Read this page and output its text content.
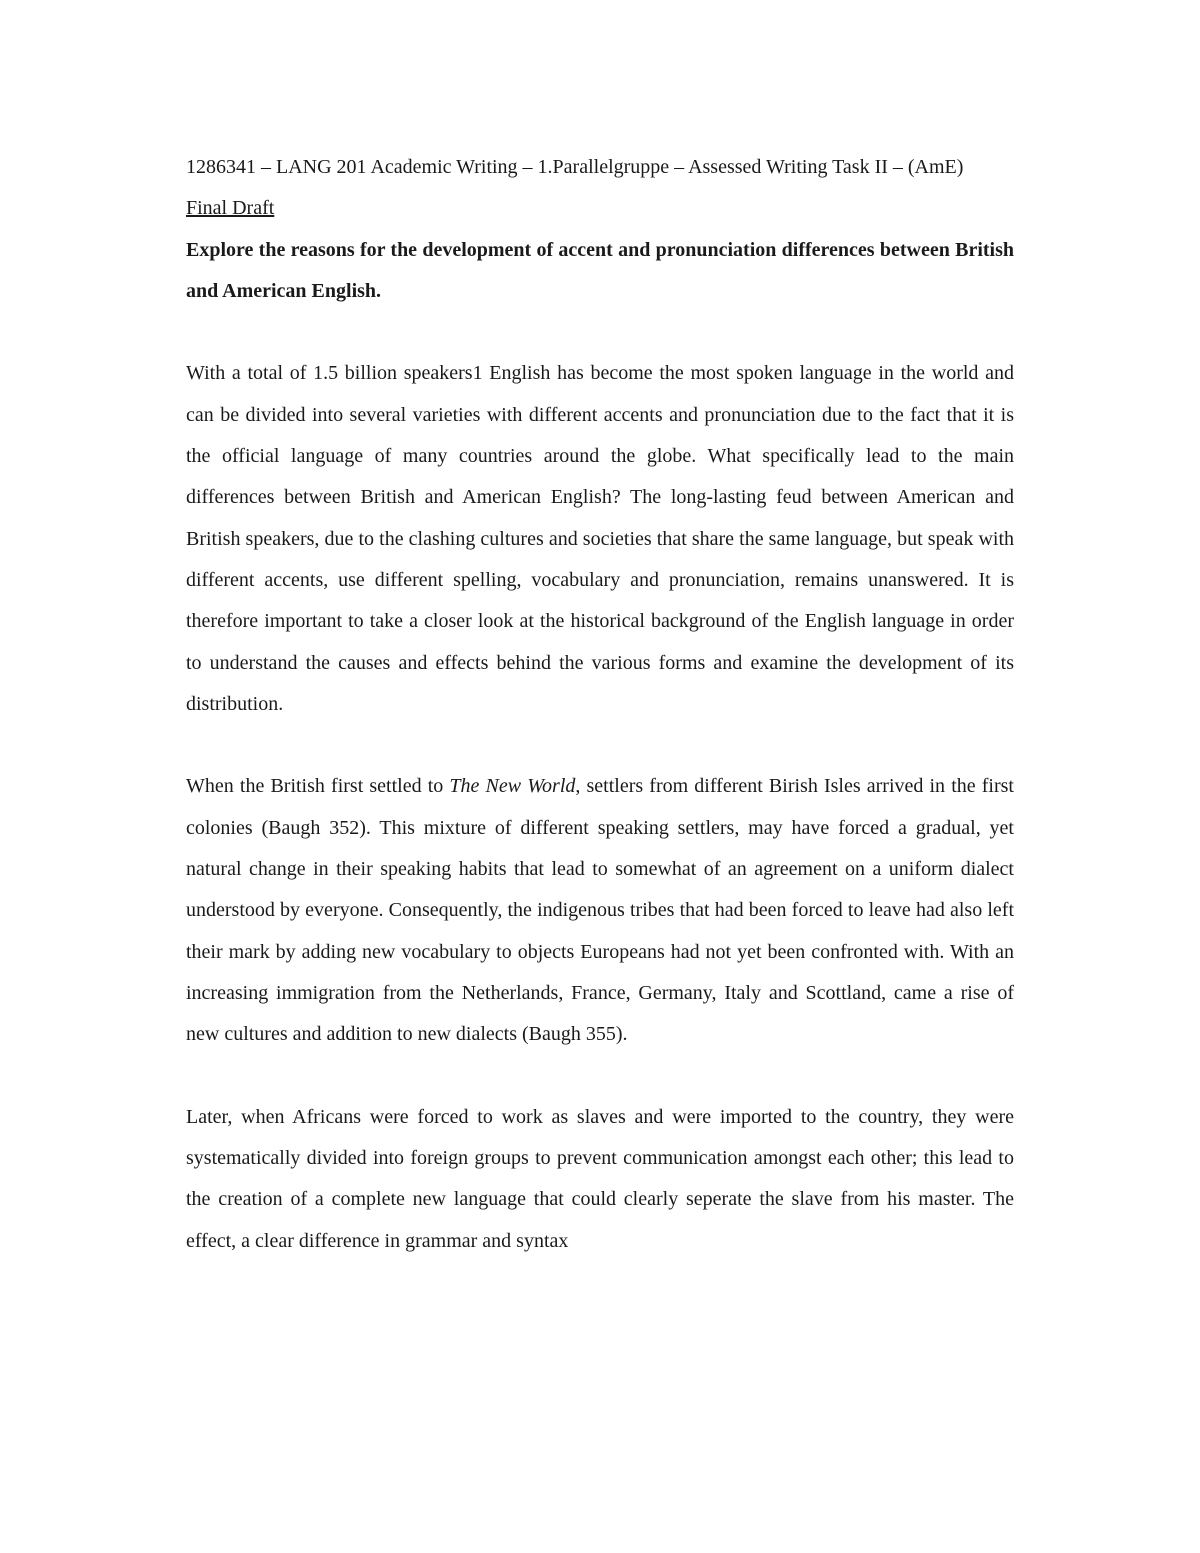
1286341 – LANG 201 Academic Writing – 1.Parallelgruppe – Assessed Writing Task II – (AmE)

Final Draft

Explore the reasons for the development of accent and pronunciation differences between British and American English.

With a total of 1.5 billion speakers1 English has become the most spoken language in the world and can be divided into several varieties with different accents and pronunciation due to the fact that it is the official language of many countries around the globe. What specifically lead to the main differences between British and American English? The long-lasting feud between American and British speakers, due to the clashing cultures and societies that share the same language, but speak with different accents, use different spelling, vocabulary and pronunciation, remains unanswered. It is therefore important to take a closer look at the historical background of the English language in order to understand the causes and effects behind the various forms and examine the development of its distribution.

When the British first settled to The New World, settlers from different Birish Isles arrived in the first colonies (Baugh 352). This mixture of different speaking settlers, may have forced a gradual, yet natural change in their speaking habits that lead to somewhat of an agreement on a uniform dialect understood by everyone. Consequently, the indigenous tribes that had been forced to leave had also left their mark by adding new vocabulary to objects Europeans had not yet been confronted with. With an increasing immigration from the Netherlands, France, Germany, Italy and Scottland, came a rise of new cultures and addition to new dialects (Baugh 355).

Later, when Africans were forced to work as slaves and were imported to the country, they were systematically divided into foreign groups to prevent communication amongst each other; this lead to the creation of a complete new language that could clearly seperate the slave from his master. The effect, a clear difference in grammar and syntax
